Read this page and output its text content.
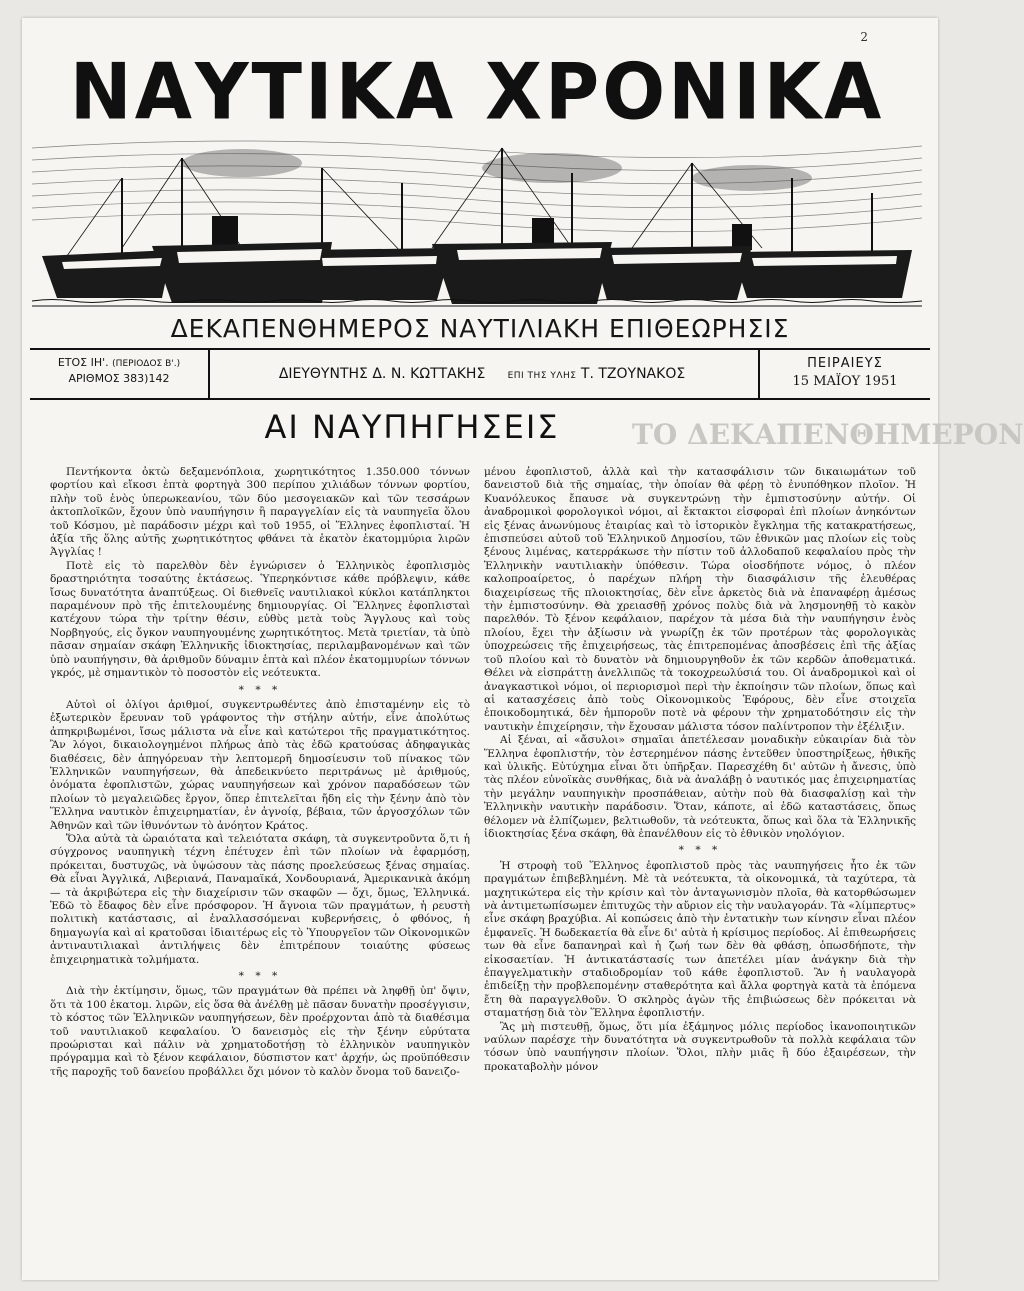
2
ΝΑΥΤΙΚΑ ΧΡΟΝΙΚΑ
ΔΕΚΑΠΕΝΘΗΜΕΡΟΣ ΝΑΥΤΙΛΙΑΚΗ ΕΠΙΘΕΩΡΗΣΙΣ
ΕΤΟΣ ΙΗ'. (ΠΕΡΙΟΔΟΣ Β'.)
ΑΡΙΘΜΟΣ 383)142	ΔΙΕΥΘΥΝΤΗΣ Δ. Ν. ΚΩΤΤΑΚΗΣ ΕΠΙ ΤΗΣ ΥΛΗΣ Τ. ΤΖΟΥΝΑΚΟΣ
ΠΕΙΡΑΙΕΥΣ
15 ΜΑΪΟΥ 1951
ΑΙ ΝΑΥΠΗΓΗΣΕΙΣ	ΤΟ ΔΕΚΑΠΕΝΘΗΜΕΡΟΝ

Πεντήκοντα ὀκτὼ δεξαμενόπλοια, χωρητικότητος 1.350.000 τόννων φορτίου καὶ εἴκοσι ἑπτὰ φορτηγὰ 300 περίπου χιλιάδων τόννων φορτίου, πλὴν τοῦ ἑνὸς ὑπερωκεανίου, τῶν δύο μεσογειακῶν καὶ τῶν τεσσάρων ἀκτοπλοϊκῶν, ἔχουν ὑπὸ ναυπήγησιν ἢ παραγγελίαν εἰς τὰ ναυπηγεῖα ὅλου τοῦ Κόσμου, μὲ παράδοσιν μέχρι καὶ τοῦ 1955, οἱ Ἕλληνες ἐφοπλισταί. Ἡ ἀξία τῆς ὅλης αὐτῆς χωρητικότητος φθάνει τὰ ἑκατὸν ἑκατομμύρια λιρῶν Ἀγγλίας !

Ποτὲ εἰς τὸ παρελθὸν δὲν ἐγνώρισεν ὁ Ἑλληνικὸς ἐφοπλισμὸς δραστηριότητα τοσαύτης ἐκτάσεως. Ὑπερηκόντισε κάθε πρόβλεψιν, κάθε ἴσως δυνατότητα ἀναπτύξεως. Οἱ διεθνεῖς ναυτιλιακοὶ κύκλοι κατάπληκτοι παραμένουν πρὸ τῆς ἐπιτελουμένης δημιουργίας. Οἱ Ἕλληνες ἐφοπλισταὶ κατέχουν τώρα τὴν τρίτην θέσιν, εὐθὺς μετὰ τοὺς Ἄγγλους καὶ τοὺς Νορβηγούς, εἰς ὄγκον ναυπηγουμένης χωρητικότητος. Μετὰ τριετίαν, τὰ ὑπὸ πᾶσαν σημαίαν σκάφη Ἑλληνικῆς ἰδιοκτησίας, περιλαμβανομένων καὶ τῶν ὑπὸ ναυπήγησιν, θὰ ἀριθμοῦν δύναμιν ἑπτὰ καὶ πλέον ἑκατομμυρίων τόννων γκρός, μὲ σημαντικὸν τὸ ποσοστὸν εἰς νεότευκτα.

* * *

Αὐτοὶ οἱ ὀλίγοι ἀριθμοί, συγκεντρωθέντες ἀπὸ ἐπισταμένην εἰς τὸ ἐξωτερικὸν ἔρευναν τοῦ γράφοντος τὴν στήλην αὐτήν, εἶνε ἀπολύτως ἀπηκριβωμένοι, ἴσως μάλιστα νὰ εἶνε καὶ κατώτεροι τῆς πραγματικότητος. Ἂν λόγοι, δικαιολογημένοι πλήρως ἀπὸ τὰς ἐδῶ κρατούσας ἀδηφαγικὰς διαθέσεις, δὲν ἀπηγόρευαν τὴν λεπτομερῆ δημοσίευσιν τοῦ πίνακος τῶν Ἑλληνικῶν ναυπηγήσεων, θὰ ἀπεδεικνύετο περιτράνως μὲ ἀριθμούς, ὀνόματα ἐφοπλιστῶν, χώρας ναυπηγήσεων καὶ χρόνον παραδόσεων τῶν πλοίων τὸ μεγαλειῶδες ἔργον, ὅπερ ἐπιτελεῖται ἤδη εἰς τὴν ξένην ἀπὸ τὸν Ἕλληνα ναυτικὸν ἐπιχειρηματίαν, ἐν ἀγνοίᾳ, βέβαια, τῶν ἀργοσχόλων τῶν Ἀθηνῶν καὶ τῶν ἰθυνόντων τὸ ἀνόητον Κράτος.

Ὅλα αὐτὰ τὰ ὡραιότατα καὶ τελειότατα σκάφη, τὰ συγκεντροῦντα ὅ,τι ἡ σύγχρονος ναυπηγικὴ τέχνη ἐπέτυχεν ἐπὶ τῶν πλοίων νὰ ἐφαρμόσῃ, πρόκειται, δυστυχῶς, νὰ ὑψώσουν τὰς πάσης προελεύσεως ξένας σημαίας. Θὰ εἶναι Ἀγγλικά, Λιβεριανά, Παναμαϊκά, Χονδουριανά, Ἀμερικανικὰ ἀκόμη — τὰ ἀκριβώτερα εἰς τὴν διαχείρισιν τῶν σκαφῶν — ὄχι, ὅμως, Ἑλληνικά. Ἐδῶ τὸ ἔδαφος δὲν εἶνε πρόσφορον. Ἡ ἄγνοια τῶν πραγμάτων, ἡ ρευστὴ πολιτικὴ κατάστασις, αἱ ἐναλλασσόμεναι κυβερνήσεις, ὁ φθόνος, ἡ δημαγωγία καὶ αἱ κρατοῦσαι ἰδιαιτέρως εἰς τὸ Ὑπουργεῖον τῶν Οἰκονομικῶν ἀντιναυτιλιακαὶ ἀντιλήψεις δὲν ἐπιτρέπουν τοιαύτης φύσεως ἐπιχειρηματικὰ τολμήματα.

* * *

Διὰ τὴν ἐκτίμησιν, ὅμως, τῶν πραγμάτων θὰ πρέπει νὰ ληφθῇ ὑπ' ὄψιν, ὅτι τὰ 100 ἑκατομ. λιρῶν, εἰς ὅσα θὰ ἀνέλθῃ μὲ πᾶσαν δυνατὴν προσέγγισιν, τὸ κόστος τῶν Ἑλληνικῶν ναυπηγήσεων, δὲν προέρχονται ἀπὸ τὰ διαθέσιμα τοῦ ναυτιλιακοῦ κεφαλαίου. Ὁ δανεισμὸς εἰς τὴν ξένην εὐρύτατα προώρισται καὶ πάλιν νὰ χρηματοδοτήσῃ τὸ ἑλληνικὸν ναυπηγικὸν πρόγραμμα καὶ τὸ ξένον κεφάλαιον, δύσπιστον κατ' ἀρχήν, ὡς προϋπόθεσιν τῆς παροχῆς τοῦ δανείου προβάλλει ὄχι μόνον τὸ καλὸν ὄνομα τοῦ δανειζο-

μένου ἐφοπλιστοῦ, ἀλλὰ καὶ τὴν κατασφάλισιν τῶν δικαιωμάτων τοῦ δανειστοῦ διὰ τῆς σημαίας, τὴν ὁποίαν θὰ φέρῃ τὸ ἐνυπόθηκον πλοῖον. Ἡ Κυανόλευκος ἔπαυσε νὰ συγκεντρώνῃ τὴν ἐμπιστοσύνην αὐτήν. Οἱ ἀναδρομικοὶ φορολογικοὶ νόμοι, αἱ ἔκτακτοι εἰσφοραὶ ἐπὶ πλοίων ἀνηκόντων εἰς ξένας ἀνωνύμους ἑταιρίας καὶ τὸ ἱστορικὸν ἔγκλημα τῆς κατακρατήσεως, ἐπισπεύσει αὐτοῦ τοῦ Ἑλληνικοῦ Δημοσίου, τῶν ἐθνικῶν μας πλοίων εἰς τοὺς ξένους λιμένας, κατερράκωσε τὴν πίστιν τοῦ ἀλλοδαποῦ κεφαλαίου πρὸς τὴν Ἑλληνικὴν ναυτιλιακὴν ὑπόθεσιν. Τώρα οἰοσδήποτε νόμος, ὁ πλέον καλοπροαίρετος, ὁ παρέχων πλήρη τὴν διασφάλισιν τῆς ἐλευθέρας διαχειρίσεως τῆς πλοιοκτησίας, δὲν εἶνε ἀρκετὸς διὰ νὰ ἐπαναφέρῃ ἀμέσως τὴν ἐμπιστοσύνην. Θὰ χρειασθῇ χρόνος πολὺς διὰ νὰ λησμονηθῇ τὸ κακὸν παρελθόν. Τὸ ξένον κεφάλαιον, παρέχον τὰ μέσα διὰ τὴν ναυπήγησιν ἑνὸς πλοίου, ἔχει τὴν ἀξίωσιν νὰ γνωρίζῃ ἐκ τῶν προτέρων τὰς φορολογικὰς ὑποχρεώσεις τῆς ἐπιχειρήσεως, τὰς ἐπιτρεπομένας ἀποσβέσεις ἐπὶ τῆς ἀξίας τοῦ πλοίου καὶ τὸ δυνατὸν νὰ δημιουργηθοῦν ἐκ τῶν κερδῶν ἀποθεματικά. Θέλει νὰ εἰσπράττῃ ἀνελλιπῶς τὰ τοκοχρεωλύσιά του. Οἱ ἀναδρομικοὶ καὶ οἱ ἀναγκαστικοὶ νόμοι, οἱ περιορισμοὶ περὶ τὴν ἐκποίησιν τῶν πλοίων, ὅπως καὶ αἱ κατασχέσεις ἀπὸ τοὺς Οἰκονομικοὺς Ἐφόρους, δὲν εἶνε στοιχεῖα ἐποικοδομητικά, δὲν ἠμποροῦν ποτὲ νὰ φέρουν τὴν χρηματοδότησιν εἰς τὴν ναυτικὴν ἐπιχείρησιν, τὴν ἔχουσαν μάλιστα τόσον παλίντροπον τὴν ἐξέλιξιν.

Αἱ ξέναι, αἱ «ἄσυλοι» σημαῖαι ἀπετέλεσαν μοναδικὴν εὐκαιρίαν διὰ τὸν Ἕλληνα ἐφοπλιστήν, τὸν ἐστερημένον πάσης ἐντεῦθεν ὑποστηρίξεως, ἠθικῆς καὶ ὑλικῆς. Εὐτύχημα εἶναι ὅτι ὑπῆρξαν. Παρεσχέθη δι' αὐτῶν ἡ ἄνεσις, ὑπὸ τὰς πλέον εὐνοϊκὰς συνθήκας, διὰ νὰ ἀναλάβῃ ὁ ναυτικός μας ἐπιχειρηματίας τὴν μεγάλην ναυπηγικὴν προσπάθειαν, αὐτὴν ποὺ θὰ διασφαλίσῃ καὶ τὴν Ἑλληνικὴν ναυτικὴν παράδοσιν. Ὅταν, κάποτε, αἱ ἐδῶ καταστάσεις, ὅπως θέλομεν νὰ ἐλπίζωμεν, βελτιωθοῦν, τὰ νεότευκτα, ὅπως καὶ ὅλα τὰ Ἑλληνικῆς ἰδιοκτησίας ξένα σκάφη, θὰ ἐπανέλθουν εἰς τὸ ἐθνικὸν νηολόγιον.

* * *

Ἡ στροφὴ τοῦ Ἕλληνος ἐφοπλιστοῦ πρὸς τὰς ναυπηγήσεις ἦτο ἐκ τῶν πραγμάτων ἐπιβεβλημένη. Μὲ τὰ νεότευκτα, τὰ οἰκονομικά, τὰ ταχύτερα, τὰ μαχητικώτερα εἰς τὴν κρίσιν καὶ τὸν ἀνταγωνισμὸν πλοῖα, θὰ κατορθώσωμεν νὰ ἀντιμετωπίσωμεν ἐπιτυχῶς τὴν αὔριον εἰς τὴν ναυλαγοράν. Τὰ «λίμπερτυς» εἶνε σκάφη βραχύβια. Αἱ κοπώσεις ἀπὸ τὴν ἐντατικὴν των κίνησιν εἶναι πλέον ἐμφανεῖς. Ἡ δωδεκαετία θὰ εἶνε δι' αὐτὰ ἡ κρίσιμος περίοδος. Αἱ ἐπιθεωρήσεις των θὰ εἶνε δαπανηραὶ καὶ ἡ ζωή των δὲν θὰ φθάσῃ, ὁπωσδήποτε, τὴν εἰκοσαετίαν. Ἡ ἀντικατάστασίς των ἀπετέλει μίαν ἀνάγκην διὰ τὴν ἐπαγγελματικὴν σταδιοδρομίαν τοῦ κάθε ἐφοπλιστοῦ. Ἂν ἡ ναυλαγορὰ ἐπιδείξῃ τὴν προβλεπομένην σταθερότητα καὶ ἄλλα φορτηγὰ κατὰ τὰ ἑπόμενα ἔτη θὰ παραγγελθοῦν. Ὁ σκληρὸς ἀγὼν τῆς ἐπιβιώσεως δὲν πρόκειται νὰ σταματήσῃ διὰ τὸν Ἕλληνα ἐφοπλιστήν.

Ἂς μὴ πιστευθῇ, ὅμως, ὅτι μία ἐξάμηνος μόλις περίοδος ἱκανοποιητικῶν ναύλων παρέσχε τὴν δυνατότητα νὰ συγκεντρωθοῦν τὰ πολλὰ κεφάλαια τῶν τόσων ὑπὸ ναυπήγησιν πλοίων. Ὅλοι, πλὴν μιᾶς ἢ δύο ἐξαιρέσεων, τὴν προκαταβολὴν μόνον
